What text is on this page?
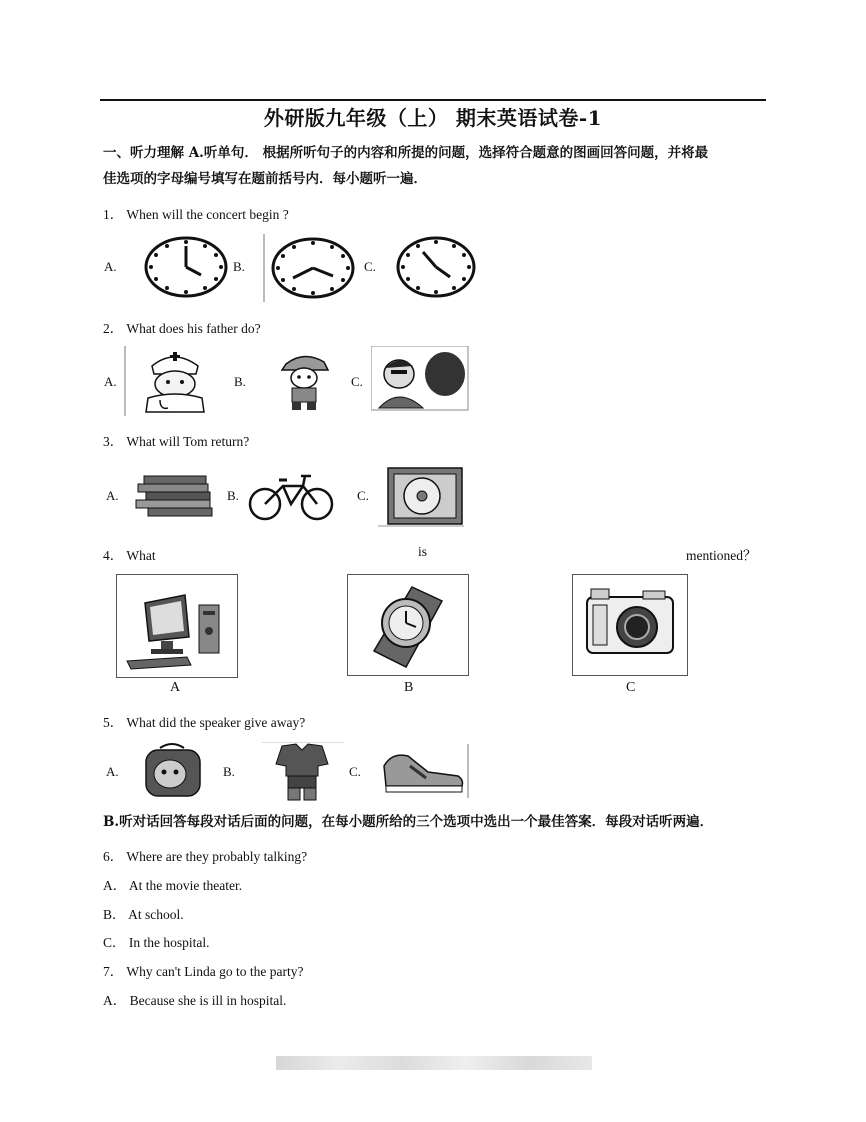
外研版九年级（上） 期末英语试卷-1
一、听力理解 A.听单句． 根据所听句子的内容和所提的问题，选择符合题意的图画回答问题，并将最
佳选项的字母编号填写在题前括号内．每小题听一遍．
1． When will the concert begin ?
A.	B.	C.
2． What does his father do?
A.	B.	C.
3． What will Tom return?
A.	B.	C.
4． What	is	mentioned？
A	B	C
5． What did the speaker give away?
A.	B.	C.
B.听对话回答每段对话后面的问题，在每小题所给的三个选项中选出一个最佳答案．每段对话听两遍．
6． Where are they probably talking?
A． At the movie theater.
B． At school.
C． In the hospital.
7． Why can't Linda go to the party?
A． Because she is ill in hospital.
